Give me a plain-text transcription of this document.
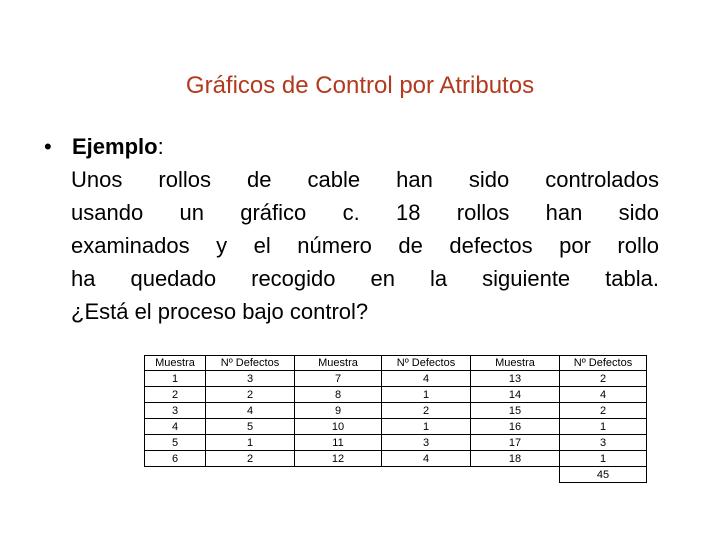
Gráficos de Control por Atributos
• Ejemplo:
Unos rollos de cable han sido controlados
usando un gráfico c. 18 rollos han sido
examinados y el número de defectos por rollo
ha quedado recogido en la siguiente tabla.
¿Está el proceso bajo control?
Muestra	Nº Defectos	Muestra	Nº Defectos	Muestra	Nº Defectos
1	3	7	4	13	2
2	2	8	1	14	4
3	4	9	2	15	2
4	5	10	1	16	1
5	1	11	3	17	3
6	2	12	4	18	1
					45
